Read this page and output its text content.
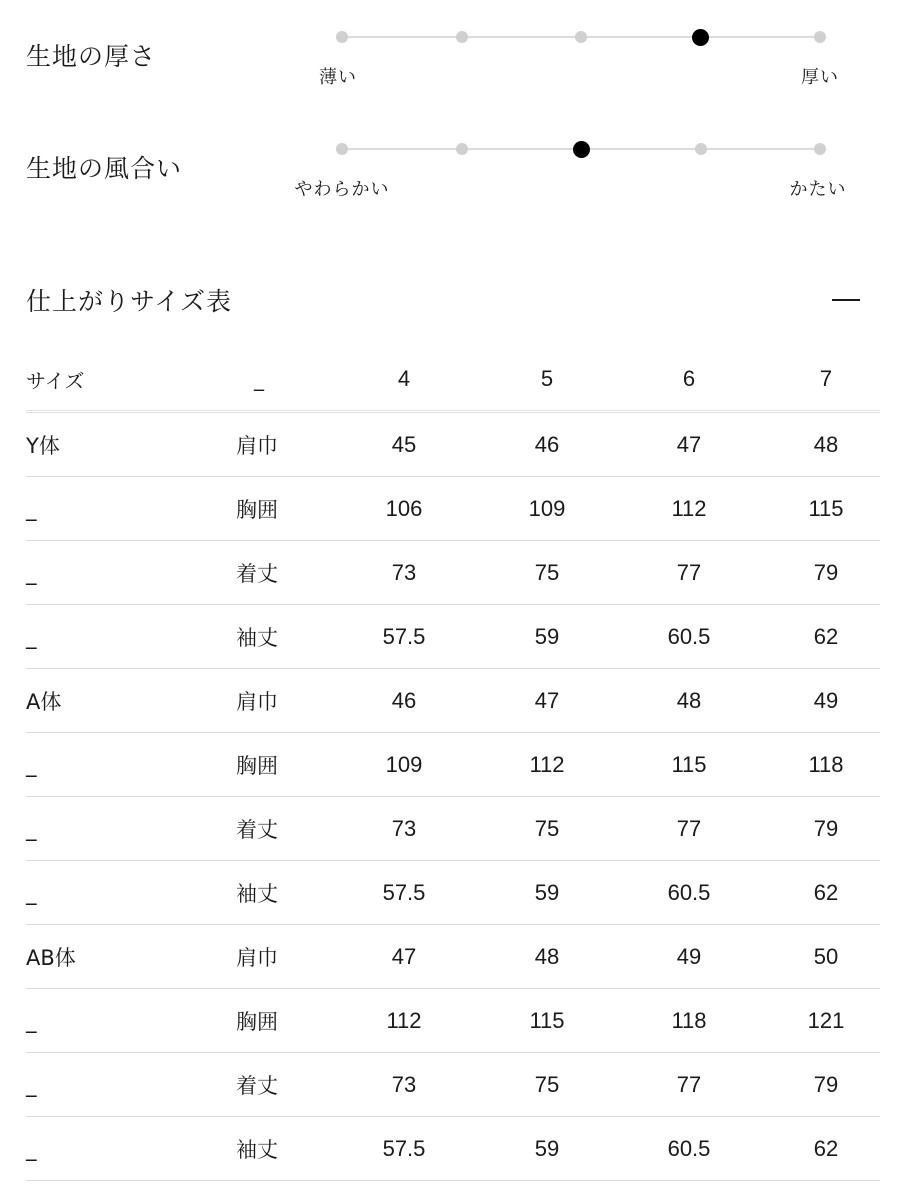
生地の厚さ
薄い	厚い
生地の風合い
やわらかい	かたい
仕上がりサイズ表
サイズ	_	4	5	6	7
Y体	肩巾	45	46	47	48
_	胸囲	106	109	112	115
_	着丈	73	75	77	79
_	袖丈	57.5	59	60.5	62
A体	肩巾	46	47	48	49
_	胸囲	109	112	115	118
_	着丈	73	75	77	79
_	袖丈	57.5	59	60.5	62
AB体	肩巾	47	48	49	50
_	胸囲	112	115	118	121
_	着丈	73	75	77	79
_	袖丈	57.5	59	60.5	62
